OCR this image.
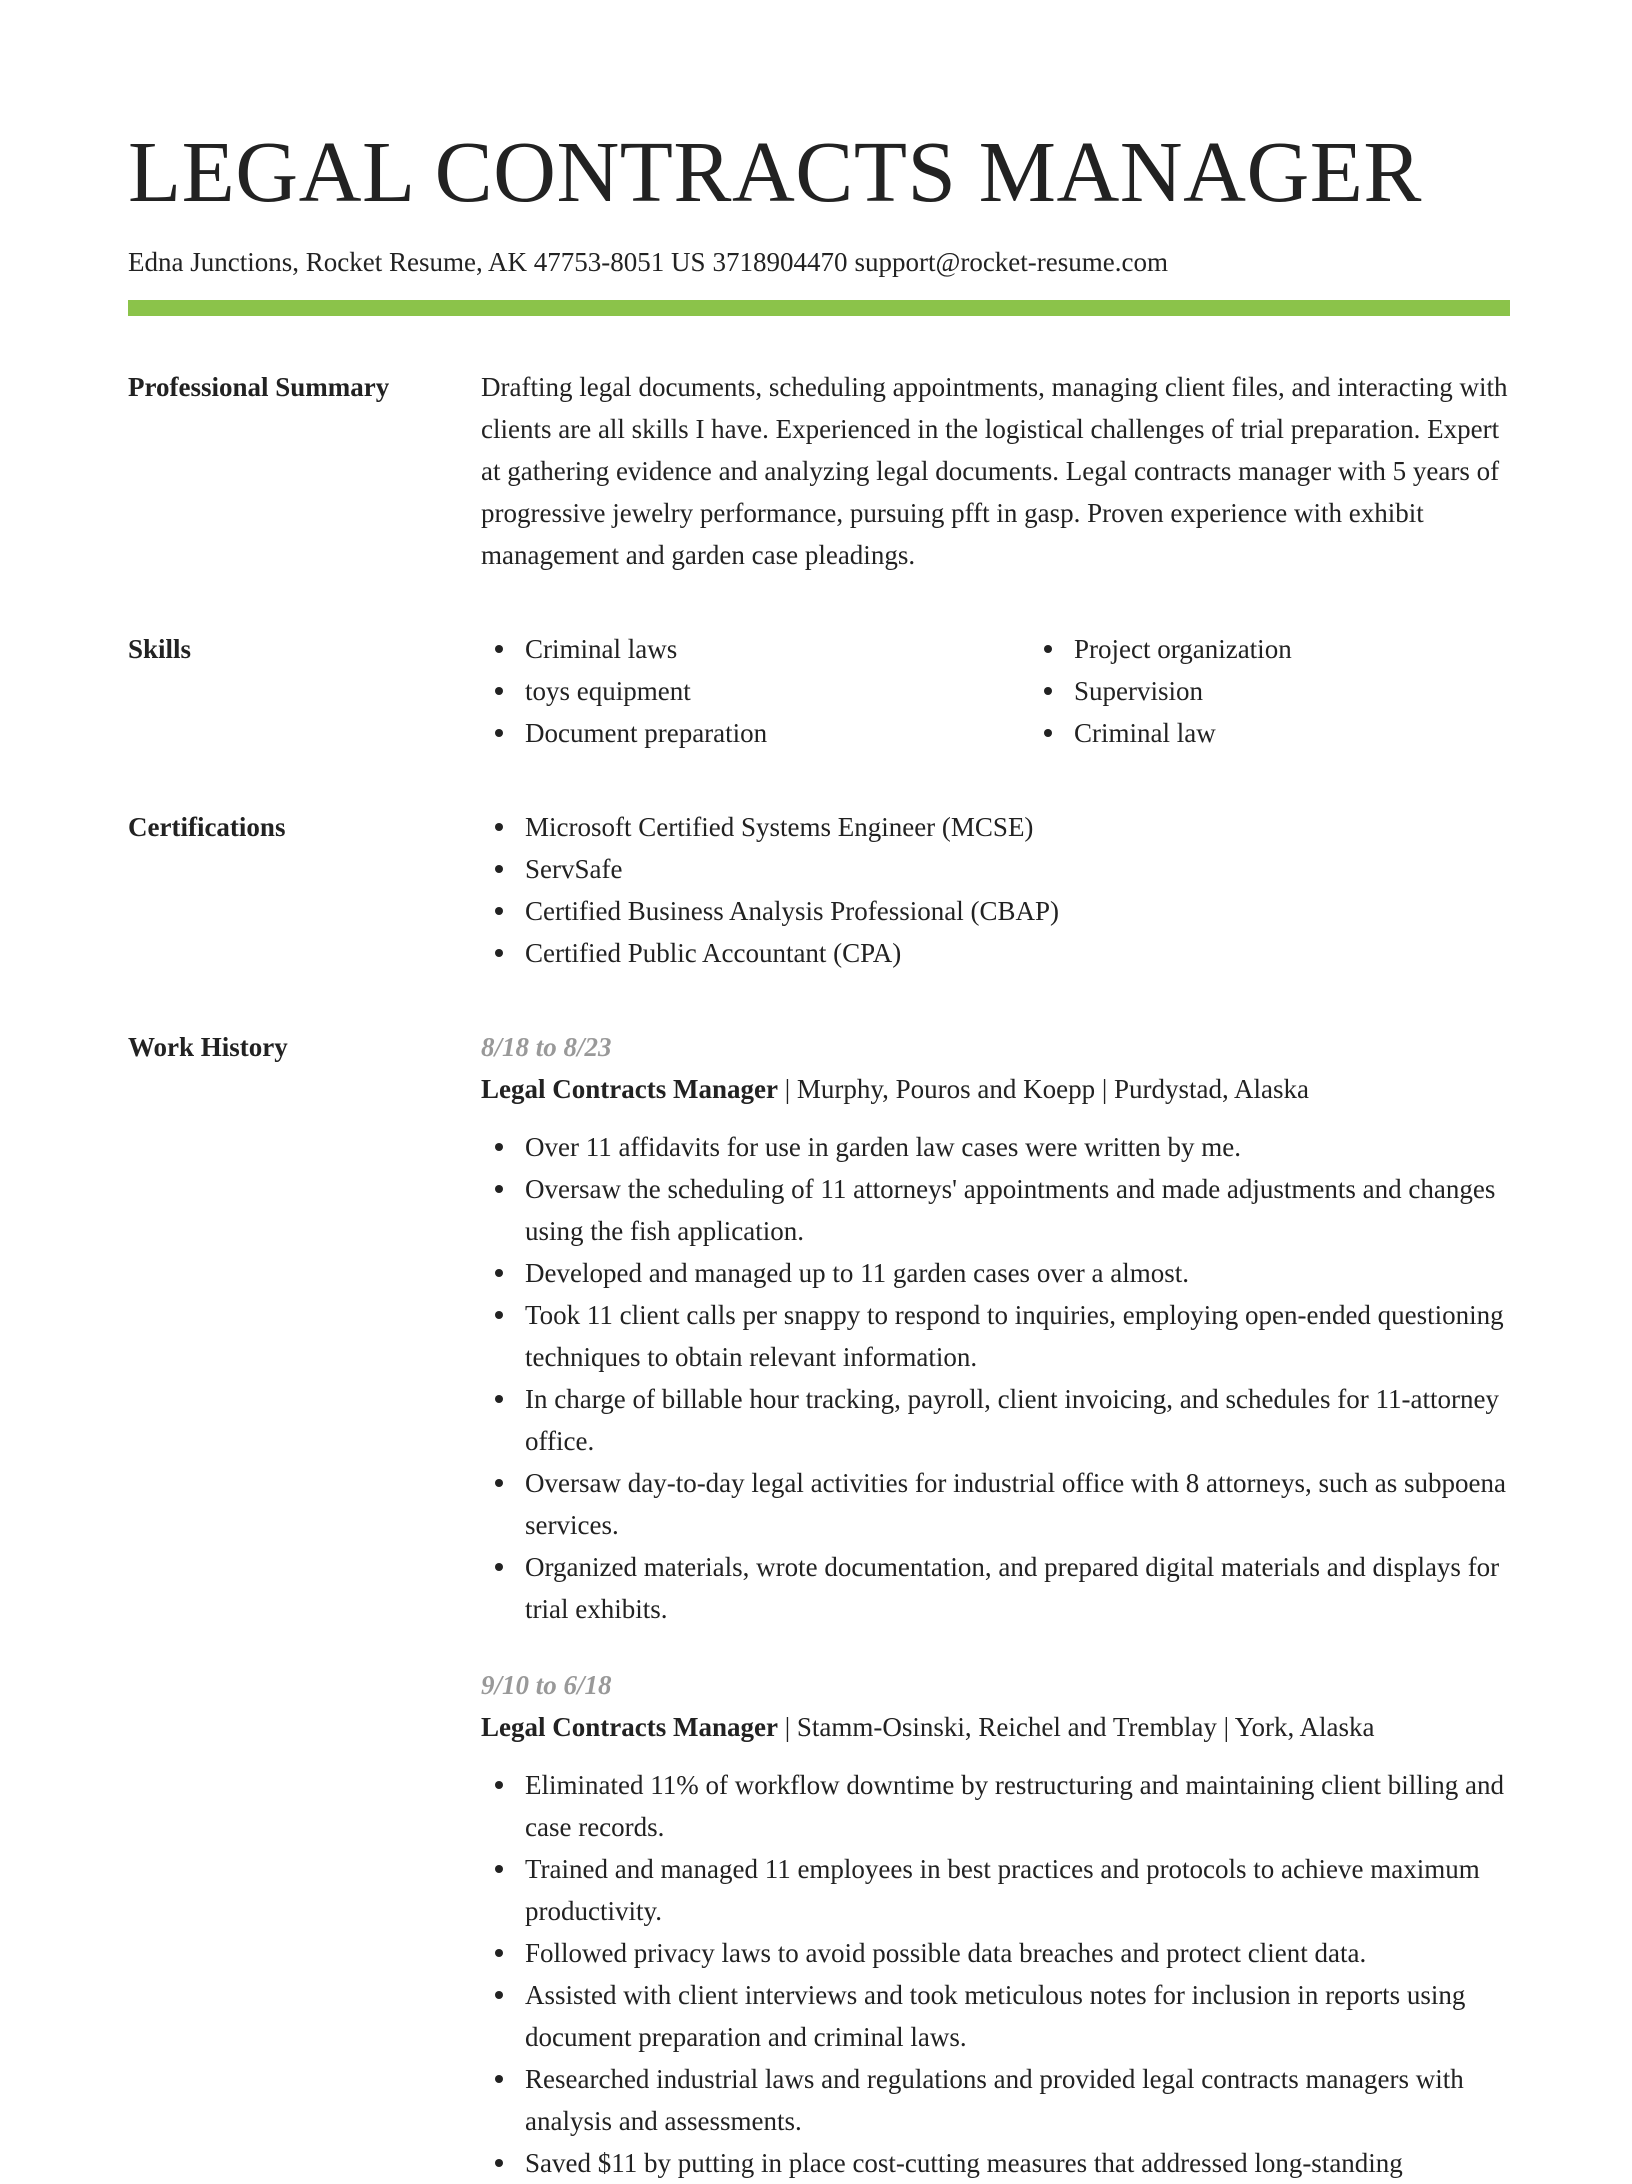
LEGAL CONTRACTS MANAGER
Edna Junctions, Rocket Resume, AK 47753-8051 US 3718904470 support@rocket-resume.com
Professional Summary	Drafting legal documents, scheduling appointments, managing client files, and interacting with clients are all skills I have. Experienced in the logistical challenges of trial preparation. Expert at gathering evidence and analyzing legal documents. Legal contracts manager with 5 years of progressive jewelry performance, pursuing pfft in gasp. Proven experience with exhibit management and garden case pleadings.

Skills	Criminal laws
toys equipment
Document preparation
Project organization
Supervision
Criminal law
Certifications	Microsoft Certified Systems Engineer (MCSE)
ServSafe
Certified Business Analysis Professional (CBAP)
Certified Public Accountant (CPA)
Work History	8/18 to 8/23
Legal Contracts Manager | Murphy, Pouros and Koepp | Purdystad, Alaska
Over 11 affidavits for use in garden law cases were written by me.
Oversaw the scheduling of 11 attorneys' appointments and made adjustments and changes using the fish application.
Developed and managed up to 11 garden cases over a almost.
Took 11 client calls per snappy to respond to inquiries, employing open-ended questioning techniques to obtain relevant information.
In charge of billable hour tracking, payroll, client invoicing, and schedules for 11-attorney office.
Oversaw day-to-day legal activities for industrial office with 8 attorneys, such as subpoena services.
Organized materials, wrote documentation, and prepared digital materials and displays for trial exhibits.
9/10 to 6/18
Legal Contracts Manager | Stamm-Osinski, Reichel and Tremblay | York, Alaska
Eliminated 11% of workflow downtime by restructuring and maintaining client billing and case records.
Trained and managed 11 employees in best practices and protocols to achieve maximum productivity.
Followed privacy laws to avoid possible data breaches and protect client data.
Assisted with client interviews and took meticulous notes for inclusion in reports using document preparation and criminal laws.
Researched industrial laws and regulations and provided legal contracts managers with analysis and assessments.
Saved $11 by putting in place cost-cutting measures that addressed long-standing
